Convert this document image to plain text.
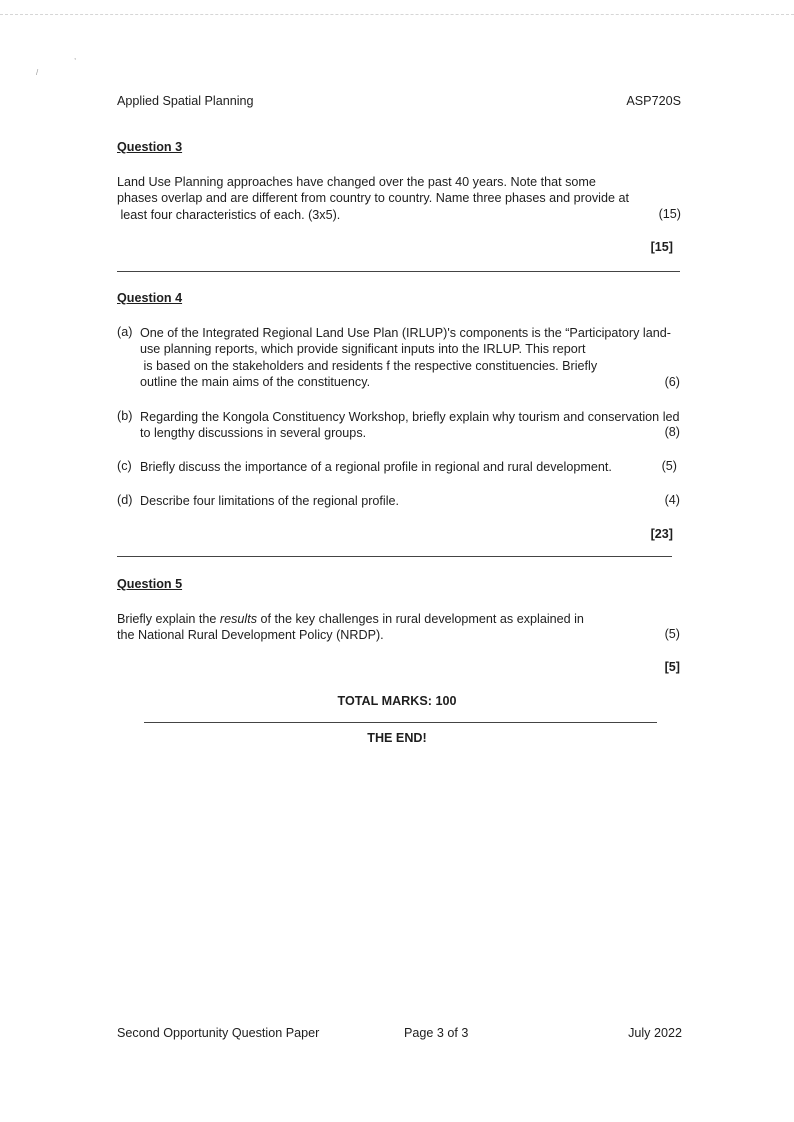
,
/
Applied Spatial Planning	ASP720S
Question 3
Land Use Planning approaches have changed over the past 40 years. Note that some
phases overlap and are different from country to country. Name three phases and provide at
least four characteristics of each. (3x5).	(15)
[15]
Question 4
(a) One of the Integrated Regional Land Use Plan (IRLUP)'s components is the “Participatory land-
use planning reports, which provide significant inputs into the IRLUP. This report
is based on the stakeholders and residents f the respective constituencies. Briefly
outline the main aims of the constituency.	(6)
(b) Regarding the Kongola Constituency Workshop, briefly explain why tourism and conservation led
to lengthy discussions in several groups.	(8)
(c) Briefly discuss the importance of a regional profile in regional and rural development.	(5)
(d) Describe four limitations of the regional profile.	(4)
[23]
Question 5
Briefly explain the results of the key challenges in rural development as explained in
the National Rural Development Policy (NRDP).	(5)
[5]
TOTAL MARKS: 100
THE END!
Second Opportunity Question Paper	Page 3 of 3	July 2022
